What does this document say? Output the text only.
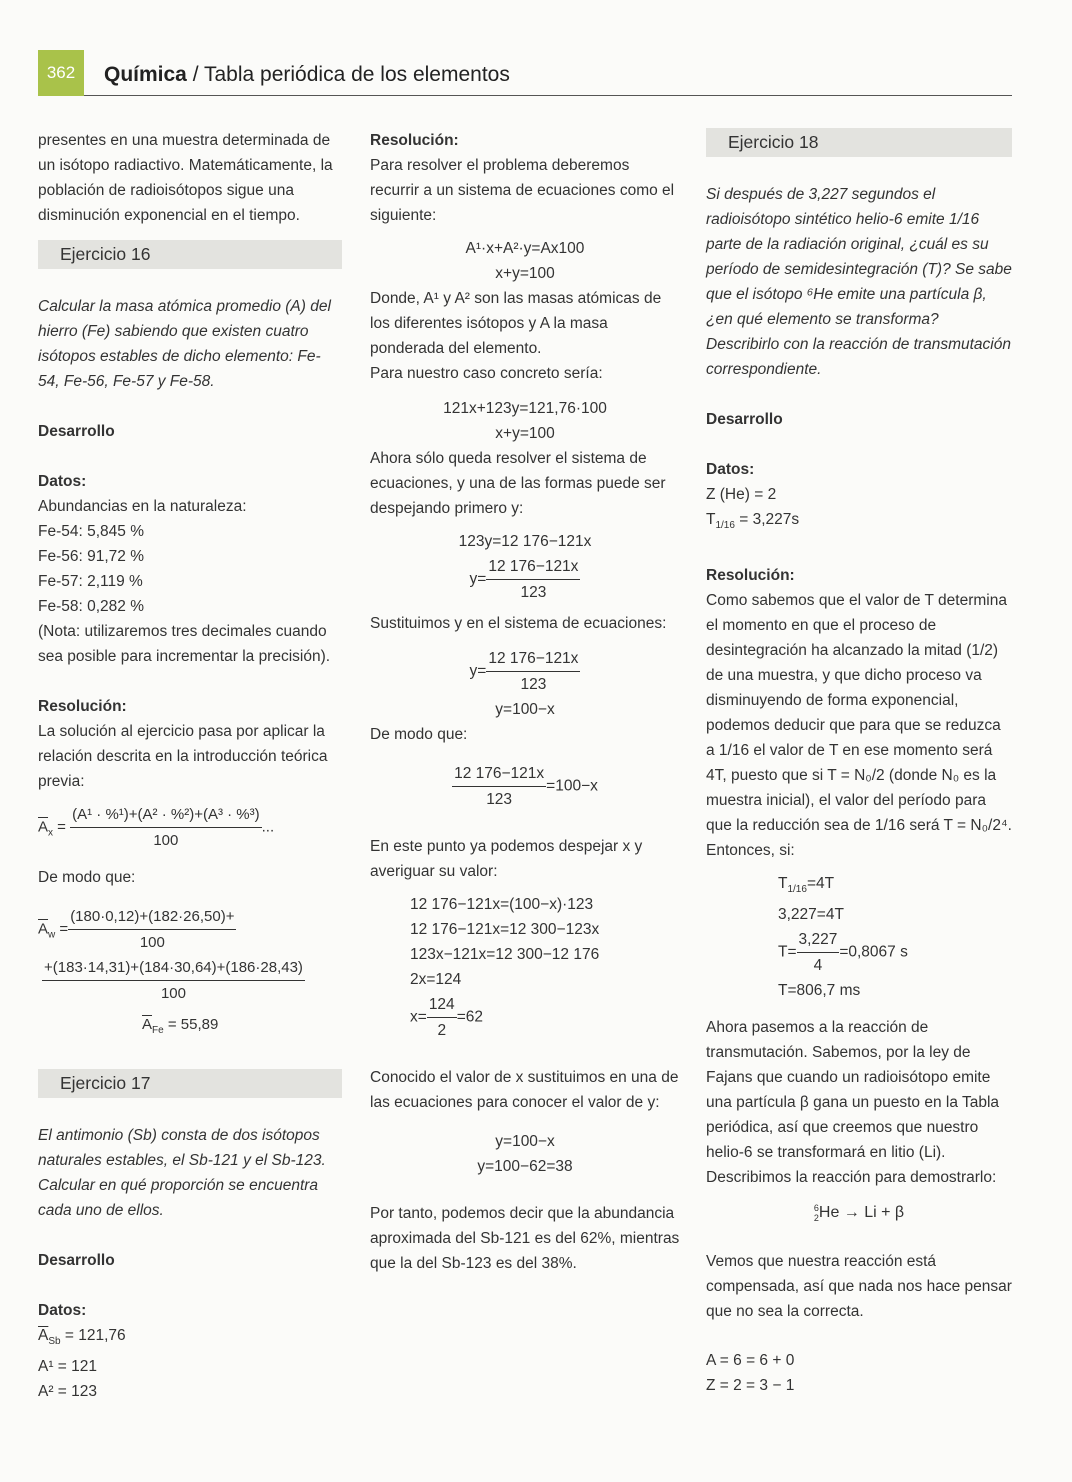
362	Química / Tabla periódica de los elementos

presentes en una muestra determinada de un isótopo radiactivo. Matemáticamente, la población de radioisótopos sigue una disminución exponencial en el tiempo.

Ejercicio 16

Calcular la masa atómica promedio (A) del hierro (Fe) sabiendo que existen cuatro isótopos estables de dicho elemento: Fe-54, Fe-56, Fe-57 y Fe-58.

Desarrollo

Datos:

Abundancias en la naturaleza:

Fe-54: 5,845 %

Fe-56: 91,72 %

Fe-57: 2,119 %

Fe-58: 0,282 %

(Nota: utilizaremos tres decimales cuando sea posible para incrementar la precisión).

Resolución:

La solución al ejercicio pasa por aplicar la relación descrita en la introducción teórica previa:

$\overline{A}_x = \frac{\text{(A¹ · \%¹)+(A² · \%²)+(A³ · \%³)}}{100}$ ...

De modo que:

$\overline{A}_w = \frac{(180\cdot 0,12)+(182\cdot 26,50)+}{100}$
$\frac{+(183\cdot 14,31)+(184\cdot 30,64)+(186\cdot 28,43)}{100}$
$\overline{A}_{Fe} = 55,89$
Ejercicio 17

El antimonio (Sb) consta de dos isótopos naturales estables, el Sb-121 y el Sb-123. Calcular en qué proporción se encuentra cada uno de ellos.

Desarrollo

Datos:

$\overline{A}_{Sb} = 121,76$

A¹ = 121

A² = 123

Resolución:

Para resolver el problema deberemos recurrir a un sistema de ecuaciones como el siguiente:

A¹·x+A²·y=Ax100

x+y=100

Donde, A¹ y A² son las masas atómicas de los diferentes isótopos y A la masa ponderada del elemento.

Para nuestro caso concreto sería:

121x+123y=121,76·100

x+y=100

Ahora sólo queda resolver el sistema de ecuaciones, y una de las formas puede ser despejando primero y:

123y=12 176−121x

$y= \frac{12 176-121x}{123}$

Sustituimos y en el sistema de ecuaciones:

$y= \frac{12 176-121x}{123}$

y=100−x

De modo que:

$\frac{12 176-121x}{123} =100-x$

En este punto ya podemos despejar x y averiguar su valor:

12 176−121x=(100−x)·123

12 176−121x=12 300−123x

123x−121x=12 300−12 176

2x=124

$x= \frac{124}{2} =62$

Conocido el valor de x sustituimos en una de las ecuaciones para conocer el valor de y:

y=100−x

y=100−62=38

Por tanto, podemos decir que la abundancia aproximada del Sb-121 es del 62%, mientras que la del Sb-123 es del 38%.

Ejercicio 18

Si después de 3,227 segundos el radioisótopo sintético helio-6 emite 1/16 parte de la radiación original, ¿cuál es su período de semidesintegración (T)? Se sabe que el isótopo ⁶He emite una partícula β, ¿en qué elemento se transforma? Describirlo con la reacción de transmutación correspondiente.

Desarrollo

Datos:

Z (He) = 2

$T_{1/16} = 3,227s$

Resolución:

Como sabemos que el valor de T determina el momento en que el proceso de desintegración ha alcanzado la mitad (1/2) de una muestra, y que dicho proceso va disminuyendo de forma exponencial, podemos deducir que para que se reduzca a 1/16 el valor de T en ese momento será 4T, puesto que si T = N₀/2 (donde N₀ es la muestra inicial), el valor del período para que la reducción sea de 1/16 será T = N₀/2⁴. Entonces, si:

$T_{1/16}=4T$

3,227=4T

$T= \frac{3,227}{4} =0,8067$ s

T=806,7 ms

Ahora pasemos a la reacción de transmutación. Sabemos, por la ley de Fajans que cuando un radioisótopo emite una partícula β gana un puesto en la Tabla periódica, así que creemos que nuestro helio-6 se transformará en litio (Li).

Describimos la reacción para demostrarlo:

6
2He → Li + β

Vemos que nuestra reacción está compensada, así que nada nos hace pensar que no sea la correcta.

A = 6 = 6 + 0

Z = 2 = 3 − 1
